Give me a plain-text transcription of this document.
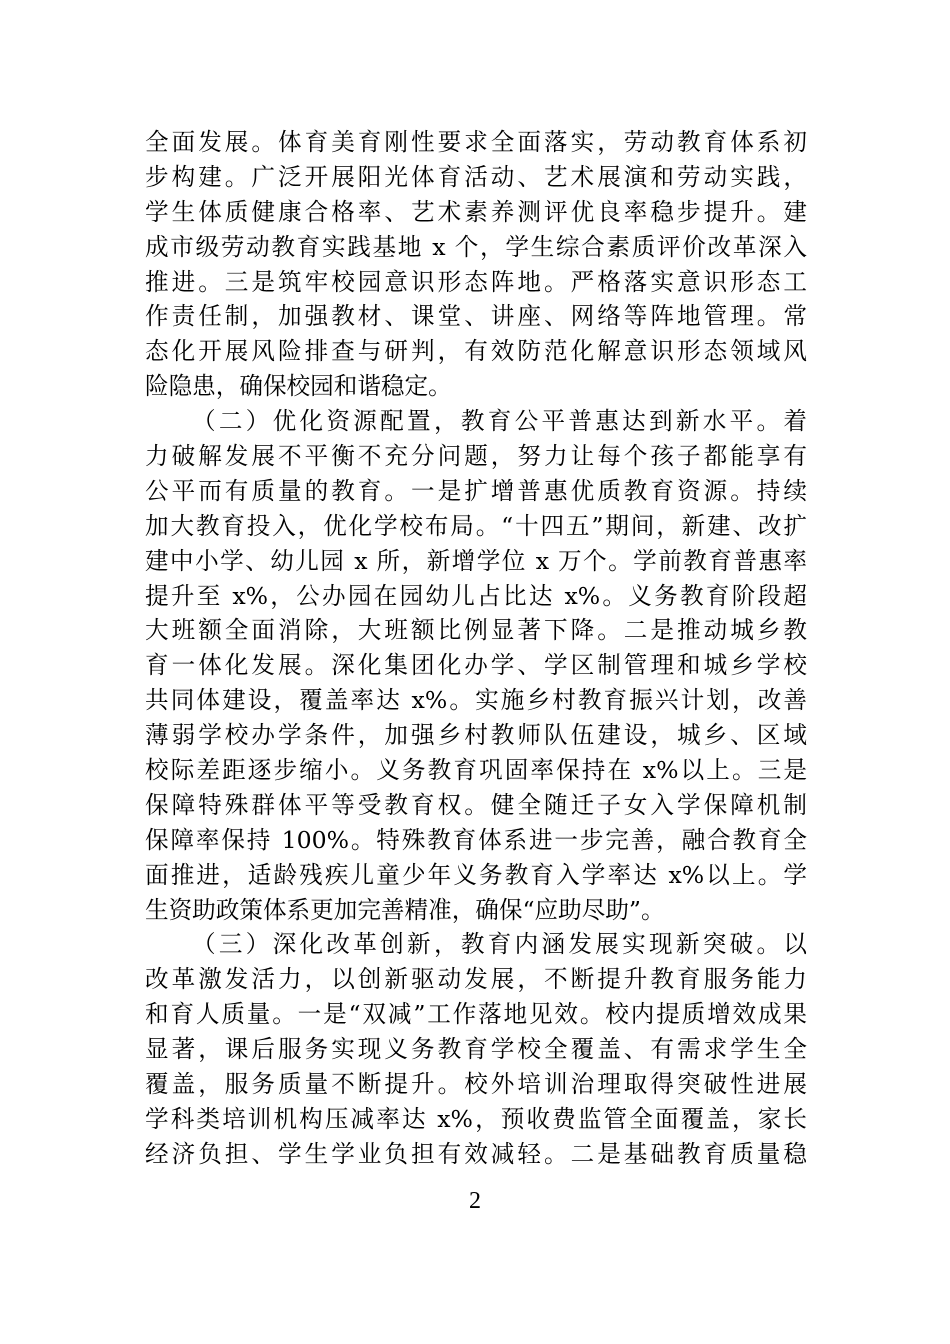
全面发展。体育美育刚性要求全面落实，劳动教育体系初
步构建。广泛开展阳光体育活动、艺术展演和劳动实践，
学生体质健康合格率、艺术素养测评优良率稳步提升。建
成市级劳动教育实践基地 x 个，学生综合素质评价改革深入
推进。三是筑牢校园意识形态阵地。严格落实意识形态工
作责任制，加强教材、课堂、讲座、网络等阵地管理。常
态化开展风险排查与研判，有效防范化解意识形态领域风
险隐患，确保校园和谐稳定。
（二）优化资源配置，教育公平普惠达到新水平。着
力破解发展不平衡不充分问题，努力让每个孩子都能享有
公平而有质量的教育。一是扩增普惠优质教育资源。持续
加大教育投入，优化学校布局。“十四五”期间，新建、改扩
建中小学、幼儿园 x 所，新增学位 x 万个。学前教育普惠率
提升至 x%，公办园在园幼儿占比达 x%。义务教育阶段超
大班额全面消除，大班额比例显著下降。二是推动城乡教
育一体化发展。深化集团化办学、学区制管理和城乡学校
共同体建设，覆盖率达 x%。实施乡村教育振兴计划，改善
薄弱学校办学条件，加强乡村教师队伍建设，城乡、区域
校际差距逐步缩小。义务教育巩固率保持在 x%以上。三是
保障特殊群体平等受教育权。健全随迁子女入学保障机制
保障率保持 100%。特殊教育体系进一步完善，融合教育全
面推进，适龄残疾儿童少年义务教育入学率达 x%以上。学
生资助政策体系更加完善精准，确保“应助尽助”。
（三）深化改革创新，教育内涵发展实现新突破。以
改革激发活力，以创新驱动发展，不断提升教育服务能力
和育人质量。一是“双减”工作落地见效。校内提质增效成果
显著，课后服务实现义务教育学校全覆盖、有需求学生全
覆盖，服务质量不断提升。校外培训治理取得突破性进展
学科类培训机构压减率达 x%，预收费监管全面覆盖，家长
经济负担、学生学业负担有效减轻。二是基础教育质量稳
2
